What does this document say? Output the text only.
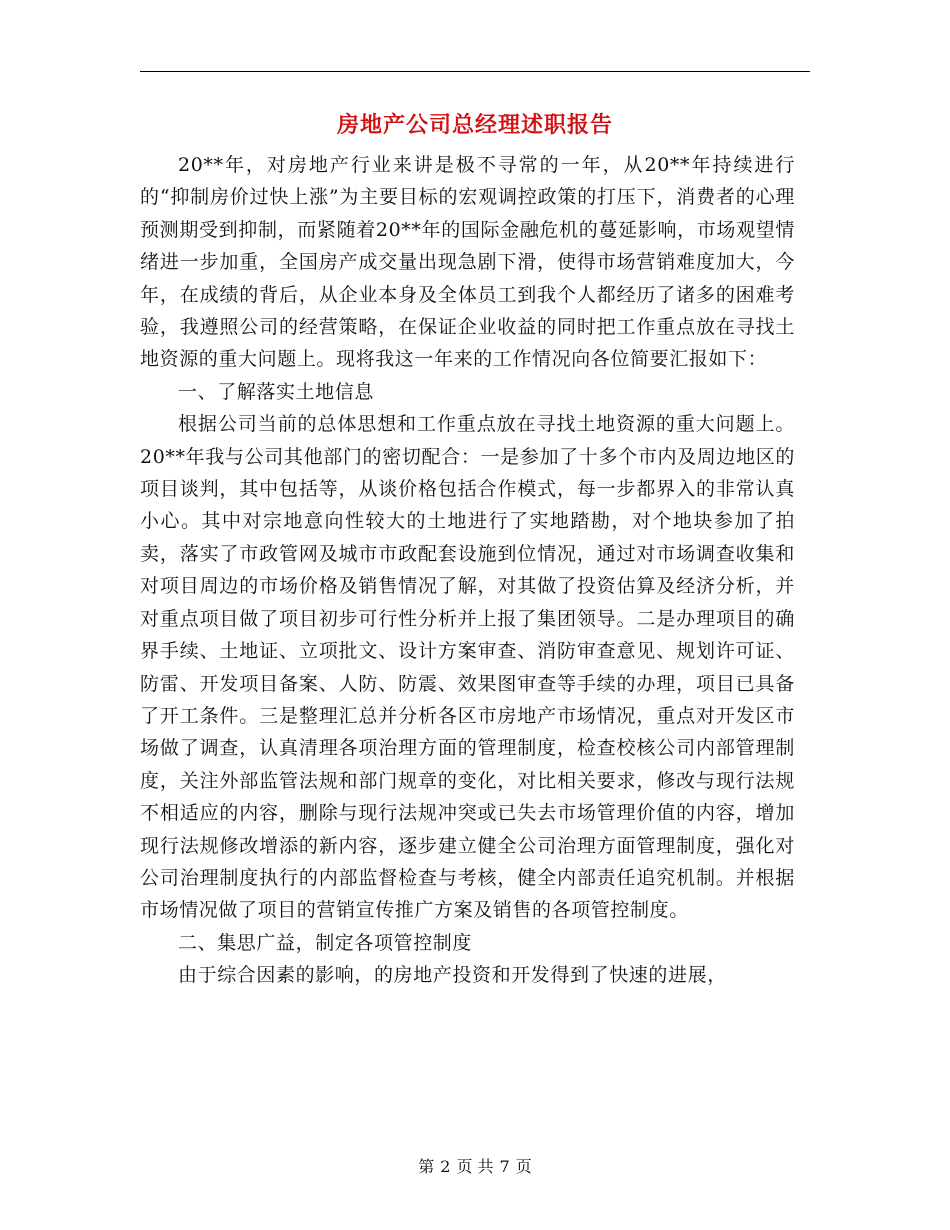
房地产公司总经理述职报告

20**年，对房地产行业来讲是极不寻常的一年，从20**年持续进行的“抑制房价过快上涨”为主要目标的宏观调控政策的打压下，消费者的心理预测期受到抑制，而紧随着20**年的国际金融危机的蔓延影响，市场观望情绪进一步加重，全国房产成交量出现急剧下滑，使得市场营销难度加大，今年，在成绩的背后，从企业本身及全体员工到我个人都经历了诸多的困难考验，我遵照公司的经营策略，在保证企业收益的同时把工作重点放在寻找土地资源的重大问题上。现将我这一年来的工作情况向各位简要汇报如下：

一、了解落实土地信息

根据公司当前的总体思想和工作重点放在寻找土地资源的重大问题上。20**年我与公司其他部门的密切配合：一是参加了十多个市内及周边地区的项目谈判，其中包括等，从谈价格包括合作模式，每一步都界入的非常认真小心。其中对宗地意向性较大的土地进行了实地踏勘，对个地块参加了拍卖，落实了市政管网及城市市政配套设施到位情况，通过对市场调查收集和对项目周边的市场价格及销售情况了解，对其做了投资估算及经济分析，并对重点项目做了项目初步可行性分析并上报了集团领导。二是办理项目的确界手续、土地证、立项批文、设计方案审查、消防审查意见、规划许可证、防雷、开发项目备案、人防、防震、效果图审查等手续的办理，项目已具备了开工条件。三是整理汇总并分析各区市房地产市场情况，重点对开发区市场做了调查，认真清理各项治理方面的管理制度，检查校核公司内部管理制度，关注外部监管法规和部门规章的变化，对比相关要求，修改与现行法规不相适应的内容，删除与现行法规冲突或已失去市场管理价值的内容，增加现行法规修改增添的新内容，逐步建立健全公司治理方面管理制度，强化对公司治理制度执行的内部监督检查与考核，健全内部责任追究机制。并根据市场情况做了项目的营销宣传推广方案及销售的各项管控制度。

二、集思广益，制定各项管控制度

由于综合因素的影响，的房地产投资和开发得到了快速的进展，

第 2 页 共 7 页
